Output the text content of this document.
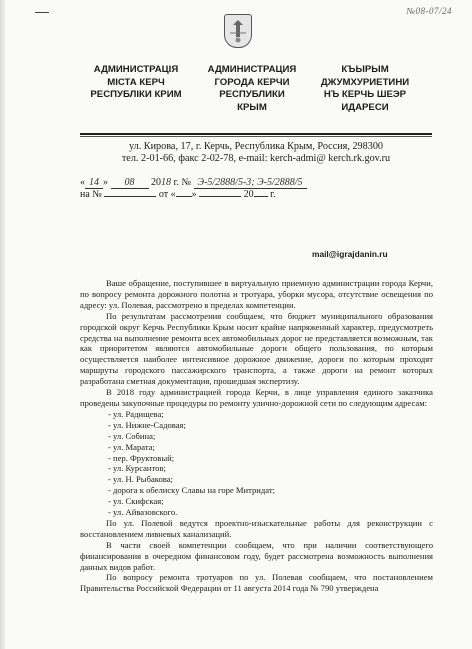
№08-07/24
АДМИНИСТРАЦІЯ
МІСТА КЕРЧ
РЕСПУБЛІКИ КРИМ
АДМИНИСТРАЦИЯ
ГОРОДА КЕРЧИ
РЕСПУБЛИКИ
КРЫМ
КЪЫРЫМ
ДЖУМХУРИЕТИНИ
НЪ КЕРЧЬ ШЕЭР
ИДАРЕСИ
ул. Кирова, 17, г. Керчь, Республика Крым, Россия, 298300
тел. 2-01-66, факс 2-02-78, e-mail: kerch-admi@ kerch.rk.gov.ru
« 14 » 08 2018 г. № Э-5/2888/5-3; Э-5/2888/5
на №	от « »	20 г.
mail@igrajdanin.ru

Ваше обращение, поступившее в виртуальную приемную администрации города Керчи, по вопросу ремонта дорожного полотна и тротуара, уборки мусора, отсутствие освещения по адресу: ул. Полевая, рассмотрено в пределах компетенции.

По результатам рассмотрения сообщаем, что бюджет муниципального образования городской округ Керчь Республики Крым носит крайне напряженный характер, предусмотреть средства на выполнение ремонта всех автомобильных дорог не представляется возможным, так как приоритетом являются автомобильные дороги общего пользования, по которым осуществляется наиболее интенсивное дорожное движение, дороги по которым проходят маршруты городского пассажирского транспорта, а также дороги на ремонт которых разработана сметная документация, прошедшая экспертизу.

В 2018 году администрацией города Керчи, в лице управления единого заказчика проведены закупочные процедуры по ремонту улично-дорожной сети по следующим адресам:

- ул. Радищева;
- ул. Нижне-Садовая;
- ул. Собина;
- ул. Марата;
- пер. Фруктовый;
- ул. Курсантов;
- ул. Н. Рыбакова;
- дорога к обелиску Славы на горе Митридат;
- ул. Скифская;
- ул. Айвазовского.

По ул. Полевой ведутся проектно-изыскательные работы для реконструкции с восстановлением ливневых канализаций.

В части своей компетенции сообщаем, что при наличии соответствующего финансирования в очередном финансовом году, будет рассмотрена возможность выполнения данных видов работ.

По вопросу ремонта тротуаров по ул. Полевая сообщаем, что постановлением Правительства Российской Федерации от 11 августа 2014 года № 790 утверждена
